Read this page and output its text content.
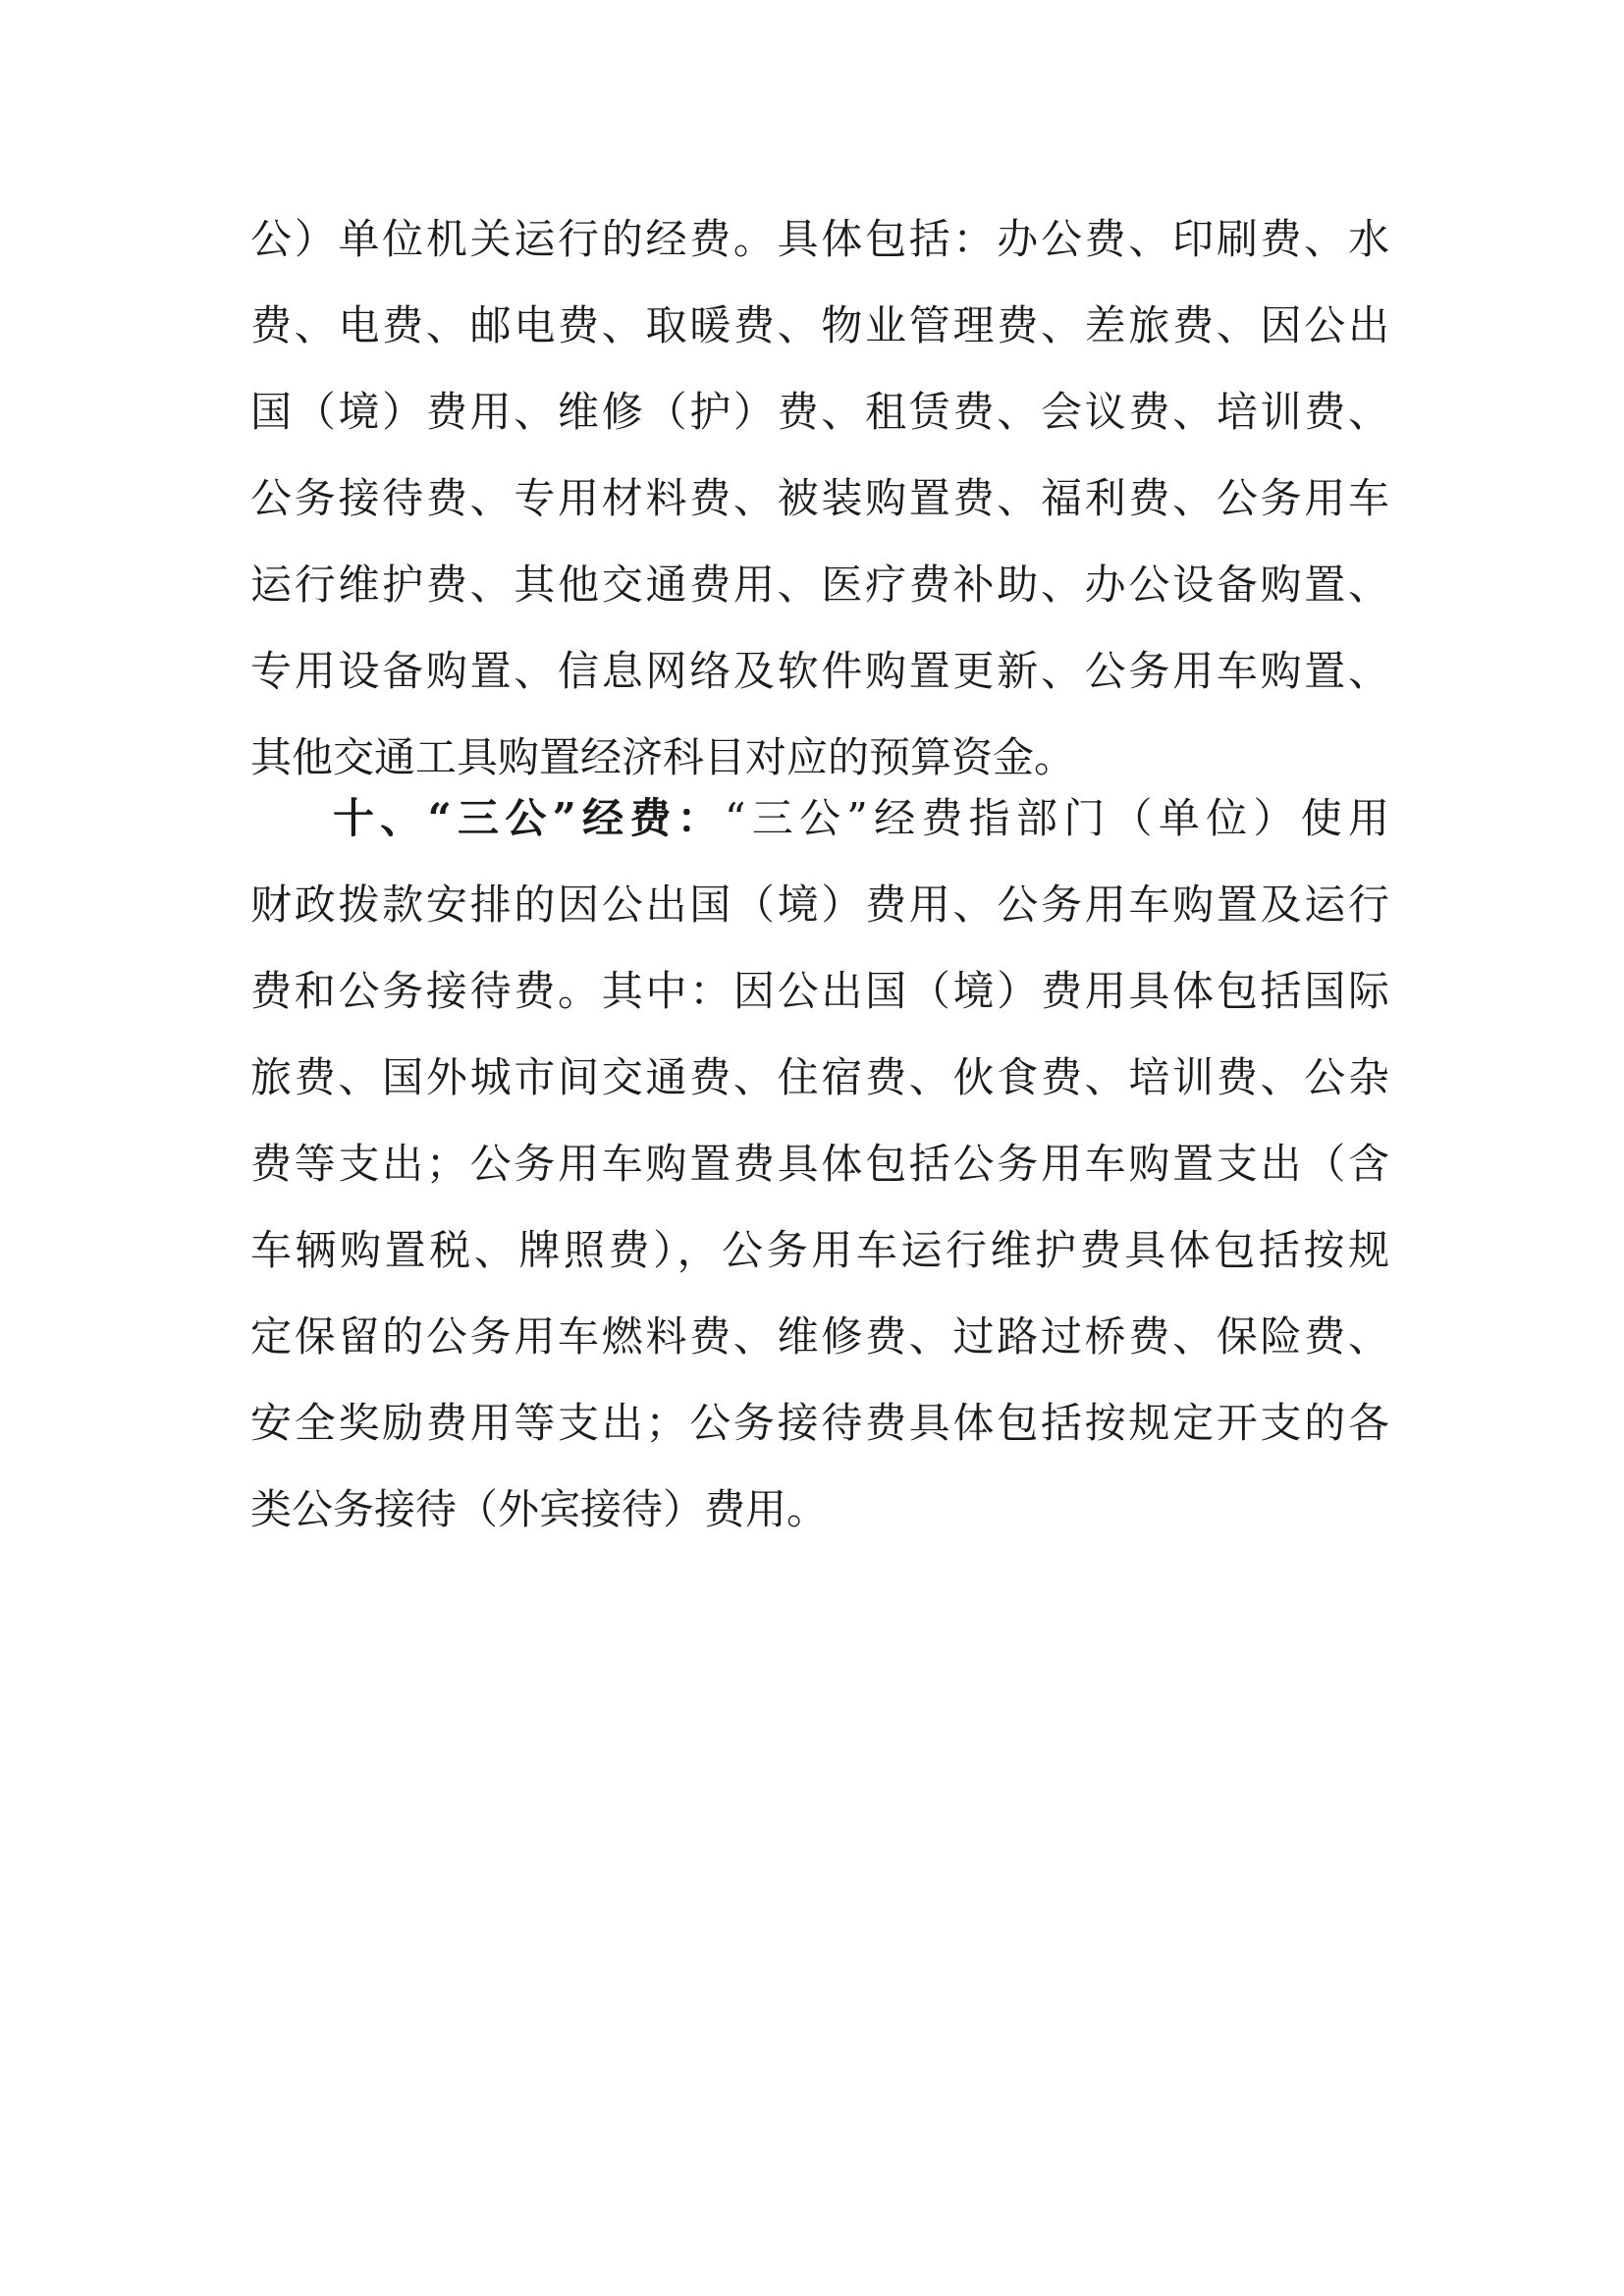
公）单位机关运行的经费。具体包括：办公费、印刷费、水
费、电费、邮电费、取暖费、物业管理费、差旅费、因公出
国（境）费用、维修（护）费、租赁费、会议费、培训费、
公务接待费、专用材料费、被装购置费、福利费、公务用车
运行维护费、其他交通费用、医疗费补助、办公设备购置、
专用设备购置、信息网络及软件购置更新、公务用车购置、
其他交通工具购置经济科目对应的预算资金。
十、“三公”经费：“三公”经费指部门（单位）使用
财政拨款安排的因公出国（境）费用、公务用车购置及运行
费和公务接待费。其中：因公出国（境）费用具体包括国际
旅费、国外城市间交通费、住宿费、伙食费、培训费、公杂
费等支出；公务用车购置费具体包括公务用车购置支出（含
车辆购置税、牌照费），公务用车运行维护费具体包括按规
定保留的公务用车燃料费、维修费、过路过桥费、保险费、
安全奖励费用等支出；公务接待费具体包括按规定开支的各
类公务接待（外宾接待）费用。
